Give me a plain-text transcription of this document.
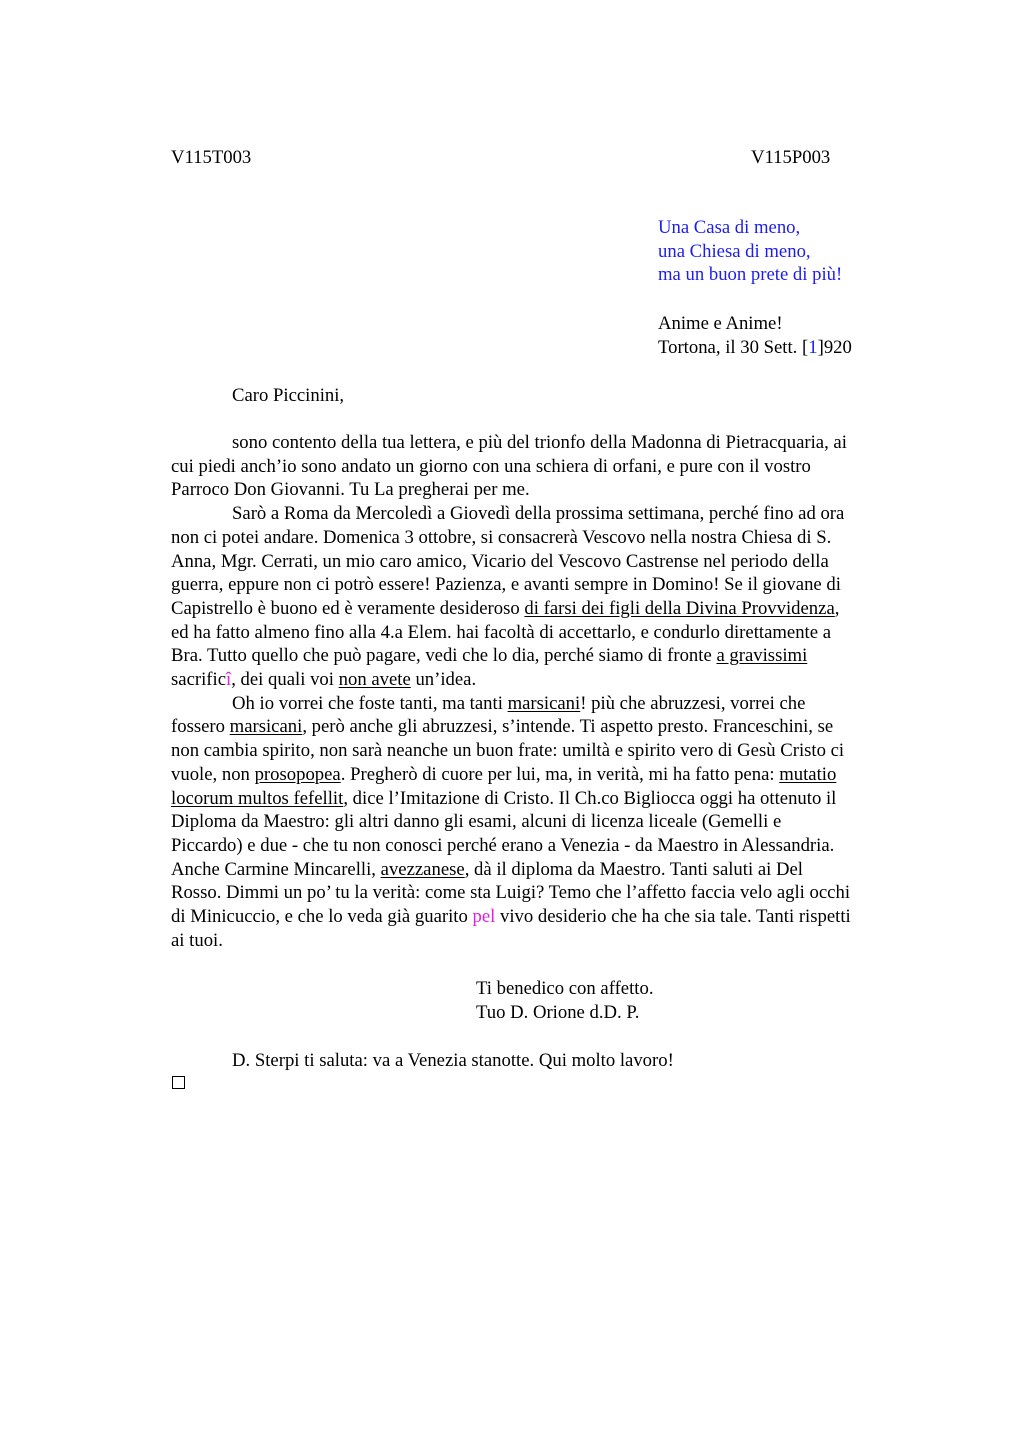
V115T003	V115P003
Una Casa di meno,
una Chiesa di meno,
ma un buon prete di più!
Anime e Anime!
Tortona, il 30 Sett. [1]920
Caro Piccinini,
sono contento della tua lettera, e più del trionfo della Madonna di Pietracquaria, ai
cui piedi anch’io sono andato un giorno con una schiera di orfani, e pure con il vostro
Parroco Don Giovanni. Tu La pregherai per me.
Sarò a Roma da Mercoledì a Giovedì della prossima settimana, perché fino ad ora
non ci potei andare. Domenica 3 ottobre, si consacrerà Vescovo nella nostra Chiesa di S.
Anna, Mgr. Cerrati, un mio caro amico, Vicario del Vescovo Castrense nel periodo della
guerra, eppure non ci potrò essere! Pazienza, e avanti sempre in Domino! Se il giovane di
Capistrello è buono ed è veramente desideroso di farsi dei figli della Divina Provvidenza,
ed ha fatto almeno fino alla 4.a Elem. hai facoltà di accettarlo, e condurlo direttamente a
Bra. Tutto quello che può pagare, vedi che lo dia, perché siamo di fronte a gravissimi
sacrificî, dei quali voi non avete un’idea.
Oh io vorrei che foste tanti, ma tanti marsicani! più che abruzzesi, vorrei che
fossero marsicani, però anche gli abruzzesi, s’intende. Ti aspetto presto. Franceschini, se
non cambia spirito, non sarà neanche un buon frate: umiltà e spirito vero di Gesù Cristo ci
vuole, non prosopopea. Pregherò di cuore per lui, ma, in verità, mi ha fatto pena: mutatio
locorum multos fefellit, dice l’Imitazione di Cristo. Il Ch.co Bigliocca oggi ha ottenuto il
Diploma da Maestro: gli altri danno gli esami, alcuni di licenza liceale (Gemelli e
Piccardo) e due - che tu non conosci perché erano a Venezia - da Maestro in Alessandria.
Anche Carmine Mincarelli, avezzanese, dà il diploma da Maestro. Tanti saluti ai Del
Rosso. Dimmi un po’ tu la verità: come sta Luigi? Temo che l’affetto faccia velo agli occhi
di Minicuccio, e che lo veda già guarito pel vivo desiderio che ha che sia tale. Tanti rispetti
ai tuoi.
Ti benedico con affetto.
Tuo D. Orione d.D. P.
D. Sterpi ti saluta: va a Venezia stanotte. Qui molto lavoro!
